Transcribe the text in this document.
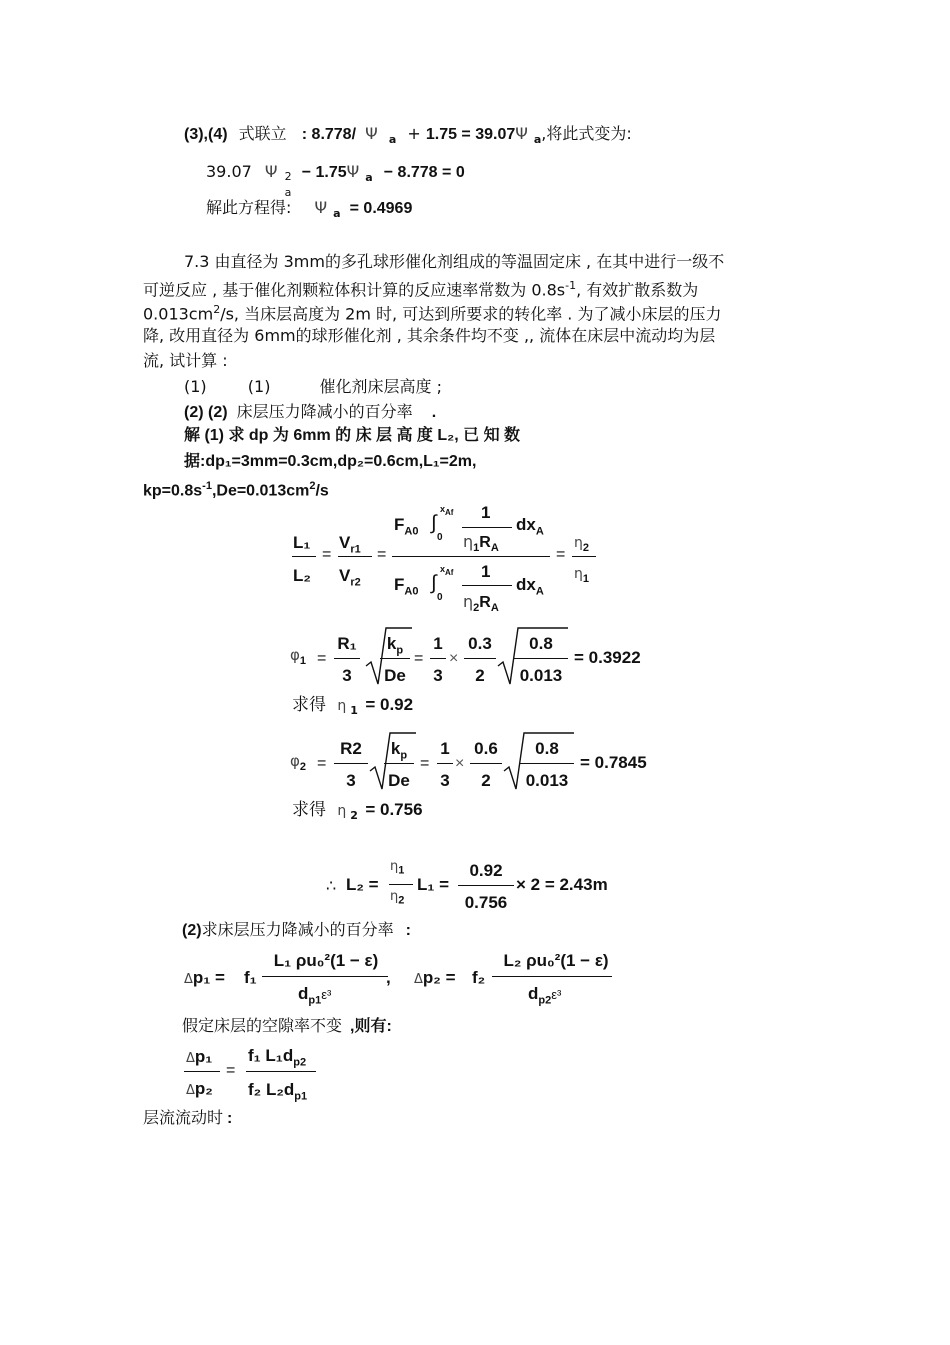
(3),(4) 式联立 : 8.778/ Ψ $_a$ + 1.75 = 39.07Ψ $_a$,将此式变为:
39.07 Ψ 2
a
− 1.75Ψ $_a$ − 8.778 = 0
解此方程得: Ψ $_a$ = 0.4969
7.3 由直径为 3mm的多孔球形催化剂组成的等温固定床 , 在其中进行一级不
可逆反应 , 基于催化剂颗粒体积计算的反应速率常数为 $0.8s^{-1}$, 有效扩散系数为
$0.013cm^2/s$, 当床层高度为 2m 时, 可达到所要求的转化率 . 为了减小床层的压力
降, 改用直径为 6mm的球形催化剂 , 其余条件均不变 ,, 流体在床层中流动均为层
流, 试计算 :
(1)	(1)	催化剂床层高度 ;
(2) (2) 床层压力降减小的百分率 .
解 (1) 求 dp 为 6mm 的 床 层 高 度 L₂, 已 知 数
据:dp₁=3mm=0.3cm,dp₂=0.6cm,L₁=2m,
$kp=0.8s^{-1},De=0.013cm^2/s$
L₁
L₂
=
$V_{r1}$
$V_{r2}$
=
$F_{A0}$
$x_{Af}$
∫
0
1
$\eta_1R_A$
$dx_A$
$F_{A0}$
$x_{Af}$
∫
0
1
$\eta_2R_A$
$dx_A$
=
$\eta_2$
$\eta_1$
$\varphi_1$ =
R₁
3
$k_p$
De
=
1
3
×
0.3
2
0.8
0.013
= 0.3922
求得 η $_1$ = 0.92
$\varphi_2$ =
R2
3
$k_p$
De
=
1
3
×
0.6
2
0.8
0.013
= 0.7845
求得 η $_2$ = 0.756
∴ L₂ =
$\eta_1$
$\eta_2$
L₁ =
0.92
0.756
× 2 = 2.43m
(2)求床层压力降减小的百分率 :
Δp₁ = f₁
L₁ ρu₀²(1 − ε)
$d_{p1}\varepsilon^3$
, Δp₂ = f₂
L₂ ρu₀²(1 − ε)
$d_{p2}\varepsilon^3$
假定床层的空隙率不变 ,则有:
Δp₁
Δp₂
=
f₁ $L_1d_{p2}$
f₂ $L_2d_{p1}$
层流流动时 :
